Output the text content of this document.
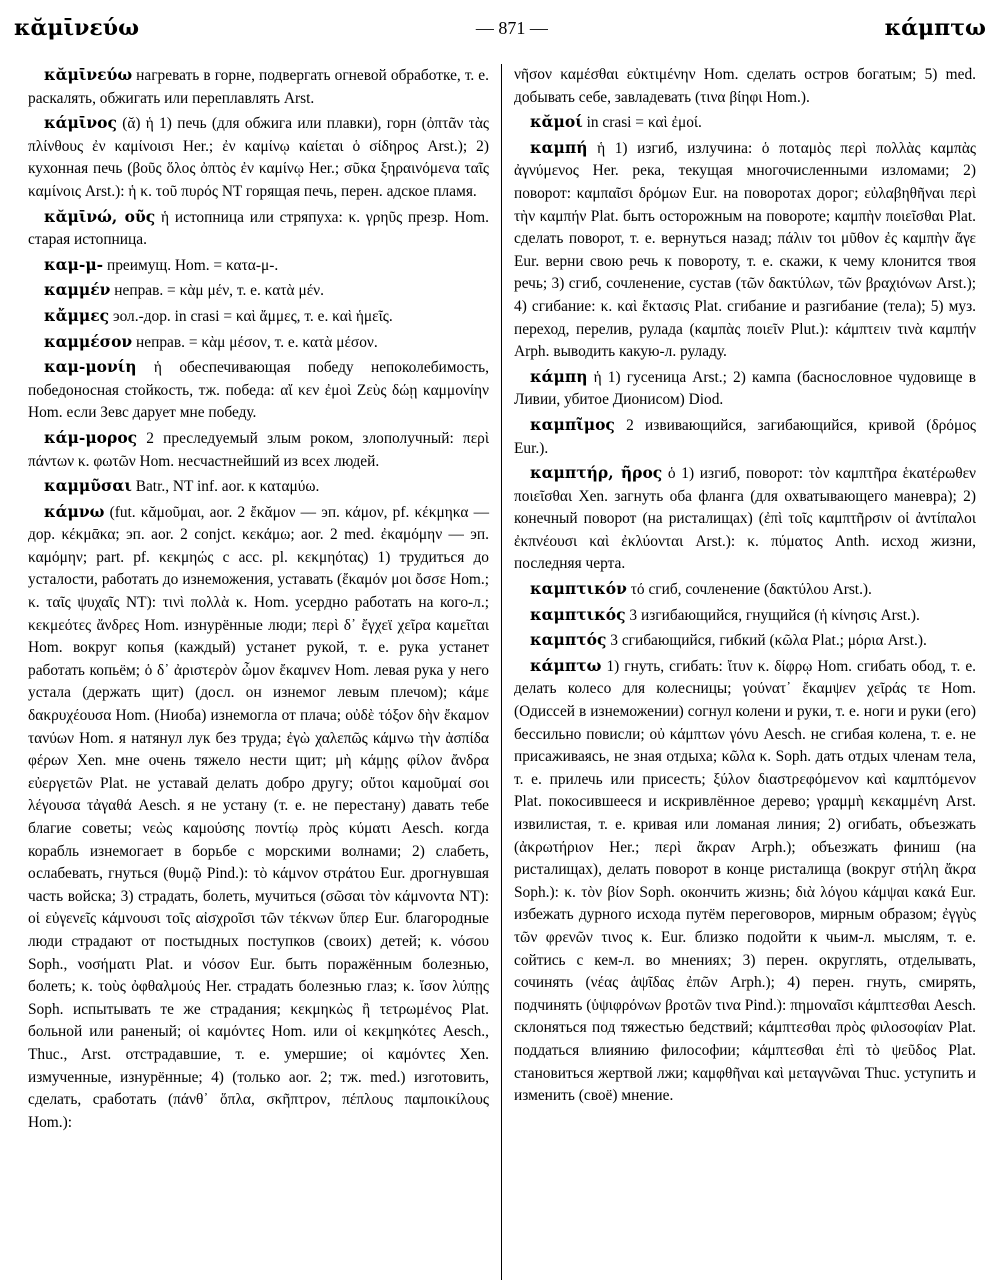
κᾰμῑνεύω	— 871 —	κάμπτω

κᾰμῑνεύω нагревать в горне, подвергать огневой обработке, т. е. раскалять, обжигать или переплавлять Arst.

κάμῑνος (ᾰ) ἡ 1) печь (для обжига или плавки), горн (ὀπτᾶν τὰς πλίνθους ἐν καμίνοισι Her.; ἐν καμίνῳ καίεται ὁ σίδηρος Arst.); 2) кухонная печь (βοῦς ὅλος ὀπτὸς ἐν καμίνῳ Her.; σῦκα ξηραινόμενα ταῖς καμίνοις Arst.): ἡ κ. τοῦ πυρός NT горящая печь, перен. адское пламя.

κᾰμῑνώ, οῦς ἡ истопница или стряпуха: κ. γρηῦς презр. Hom. старая истопница.

καμ-μ- преимущ. Hom. = κατα-μ-.

καμμέν неправ. = κὰμ μέν, т. е. κατὰ μέν.

κἄμμες эол.-дор. in crasi = καὶ ἄμμες, т. е. καὶ ἡμεῖς.

καμμέσον неправ. = κὰμ μέσον, т. е. κατὰ μέσον.

καμ-μονίη ἡ обеспечивающая победу непоколебимость, победоносная стойкость, тж. победа: αἴ κεν ἐμοὶ Ζεὺς δώῃ καμμονίην Hom. если Зевс дарует мне победу.

κάμ-μορος 2 преследуемый злым роком, злополучный: περὶ πάντων κ. φωτῶν Hom. несчастнейший из всех людей.

καμμῦσαι Batr., NT inf. aor. к καταμύω.

κάμνω (fut. κᾰμοῦμαι, aor. 2 ἔκᾰμον — эп. κάμον, pf. κέκμηκα — дор. κέκμᾱκα; эп. aor. 2 conjct. κεκάμω; aor. 2 med. ἐκαμόμην — эп. καμόμην; part. pf. κεκμηώς с acc. pl. κεκμηότας) 1) трудиться до усталости, работать до изнеможения, уставать (ἔκαμόν μοι ὄσσε Hom.; κ. ταῖς ψυχαῖς NT): τινὶ πολλὰ κ. Hom. усердно работать на кого-л.; κεκμεότες ἄνδρες Hom. изнурённые люди; περὶ δ᾽ ἔγχεϊ χεῖρα καμεῖται Hom. вокруг копья (каждый) устанет рукой, т. е. рука устанет работать копьём; ὁ δ᾽ ἀριστερὸν ὦμον ἔκαμνεν Hom. левая рука у него устала (держать щит) (досл. он изнемог левым плечом); κάμε δακρυχέουσα Hom. (Ниоба) изнемогла от плача; οὐδὲ τόξον δὴν ἔκαμον τανύων Hom. я натянул лук без труда; ἐγὼ χαλεπῶς κάμνω τὴν ἀσπίδα φέρων Xen. мне очень тяжело нести щит; μὴ κάμῃς φίλον ἄνδρα εὐεργετῶν Plat. не уставай делать добро другу; οὔτοι καμοῦμαί σοι λέγουσα τἀγαθά Aesch. я не устану (т. е. не перестану) давать тебе благие советы; νεὼς καμούσης ποντίῳ πρὸς κύματι Aesch. когда корабль изнемогает в борьбе с морскими волнами; 2) слабеть, ослабевать, гнуться (θυμῷ Pind.): τὸ κάμνον στράτου Eur. дрогнувшая часть войска; 3) страдать, болеть, мучиться (σῶσαι τὸν κάμνοντα NT): οἱ εὐγενεῖς κάμνουσι τοῖς αἰσχροῖσι τῶν τέκνων ὕπερ Eur. благородные люди страдают от постыдных поступков (своих) детей; κ. νόσου Soph., νοσήματι Plat. и νόσον Eur. быть поражённым болезнью, болеть; κ. τοὺς ὀφθαλμούς Her. страдать болезнью глаз; κ. ἴσον λύπῃς Soph. испытывать те же страдания; κεκμηκὼς ἢ τετρωμένος Plat. больной или раненый; οἱ καμόντες Hom. или οἱ κεκμηκότες Aesch., Thuc., Arst. отстрадавшие, т. е. умершие; οἱ καμόντες Xen. измученные, изнурённые; 4) (только aor. 2; тж. med.) изготовить, сделать, сработать (πάνθ᾽ ὅπλα, σκῆπτρον, πέπλους παμποικίλους Hom.):

νῆσον καμέσθαι εὐκτιμένην Hom. сделать остров богатым; 5) med. добывать себе, завладевать (τινα βίηφι Hom.).

κᾰμοί in crasi = καὶ ἐμοί.

καμπή ἡ 1) изгиб, излучина: ὁ ποταμὸς περὶ πολλὰς καμπὰς ἀγνύμενος Her. река, текущая многочисленными изломами; 2) поворот: καμπαῖσι δρόμων Eur. на поворотах дорог; εὐλαβηθῆναι περὶ τὴν καμπήν Plat. быть осторожным на повороте; καμπὴν ποιεῖσθαι Plat. сделать поворот, т. е. вернуться назад; πάλιν τοι μῦθον ἐς καμπὴν ἄγε Eur. верни свою речь к повороту, т. е. скажи, к чему клонится твоя речь; 3) сгиб, сочленение, сустав (τῶν δακτύλων, τῶν βραχιόνων Arst.); 4) сгибание: κ. καὶ ἔκτασις Plat. сгибание и разгибание (тела); 5) муз. переход, перелив, рулада (καμπὰς ποιεῖν Plut.): κάμπτειν τινὰ καμπήν Arph. выводить какую-л. руладу.

κάμπη ἡ 1) гусеница Arst.; 2) кампа (баснословное чудовище в Ливии, убитое Дионисом) Diod.

καμπῖμος 2 извивающийся, загибающийся, кривой (δρόμος Eur.).

καμπτήρ, ῆρος ὁ 1) изгиб, поворот: τὸν καμπτῆρα ἑκατέρωθεν ποιεῖσθαι Xen. загнуть оба фланга (для охватывающего маневра); 2) конечный поворот (на ристалищах) (ἐπὶ τοῖς καμπτῆρσιν οἱ ἀντίπαλοι ἐκπνέουσι καὶ ἐκλύονται Arst.): κ. πύματος Anth. исход жизни, последняя черта.

καμπτικόν τό сгиб, сочленение (δακτύλου Arst.).

καμπτικός 3 изгибающийся, гнущийся (ἡ κίνησις Arst.).

καμπτός 3 сгибающийся, гибкий (κῶλα Plat.; μόρια Arst.).

κάμπτω 1) гнуть, сгибать: ἴτυν κ. δίφρῳ Hom. сгибать обод, т. е. делать колесо для колесницы; γούνατ᾽ ἔκαμψεν χεῖράς τε Hom. (Одиссей в изнеможении) согнул колени и руки, т. е. ноги и руки (его) бессильно повисли; οὐ κάμπτων γόνυ Aesch. не сгибая колена, т. е. не присаживаясь, не зная отдыха; κῶλα κ. Soph. дать отдых членам тела, т. е. прилечь или присесть; ξύλον διαστρεφόμενον καὶ καμπτόμενον Plat. покосившееся и искривлённое дерево; γραμμὴ κεκαμμένη Arst. извилистая, т. е. кривая или ломаная линия; 2) огибать, объезжать (ἀκρωτήριον Her.; περὶ ἄκραν Arph.); объезжать финиш (на ристалищах), делать поворот в конце ристалища (вокруг στήλη ἄκρα Soph.): κ. τὸν βίον Soph. окончить жизнь; διὰ λόγου κάμψαι κακά Eur. избежать дурного исхода путём переговоров, мирным образом; ἐγγὺς τῶν φρενῶν τινος κ. Eur. близко подойти к чьим-л. мыслям, т. е. сойтись с кем-л. во мнениях; 3) перен. округлять, отделывать, сочинять (νέας ἁψῖδας ἐπῶν Arph.); 4) перен. гнуть, смирять, подчинять (ὑψιφρόνων βροτῶν τινα Pind.): πημοναῖσι κάμπτεσθαι Aesch. склоняться под тяжестью бедствий; κάμπτεσθαι πρὸς φιλοσοφίαν Plat. поддаться влиянию философии; κάμπτεσθαι ἐπὶ τὸ ψεῦδος Plat. становиться жертвой лжи; καμφθῆναι καὶ μεταγνῶναι Thuc. уступить и изменить (своё) мнение.
